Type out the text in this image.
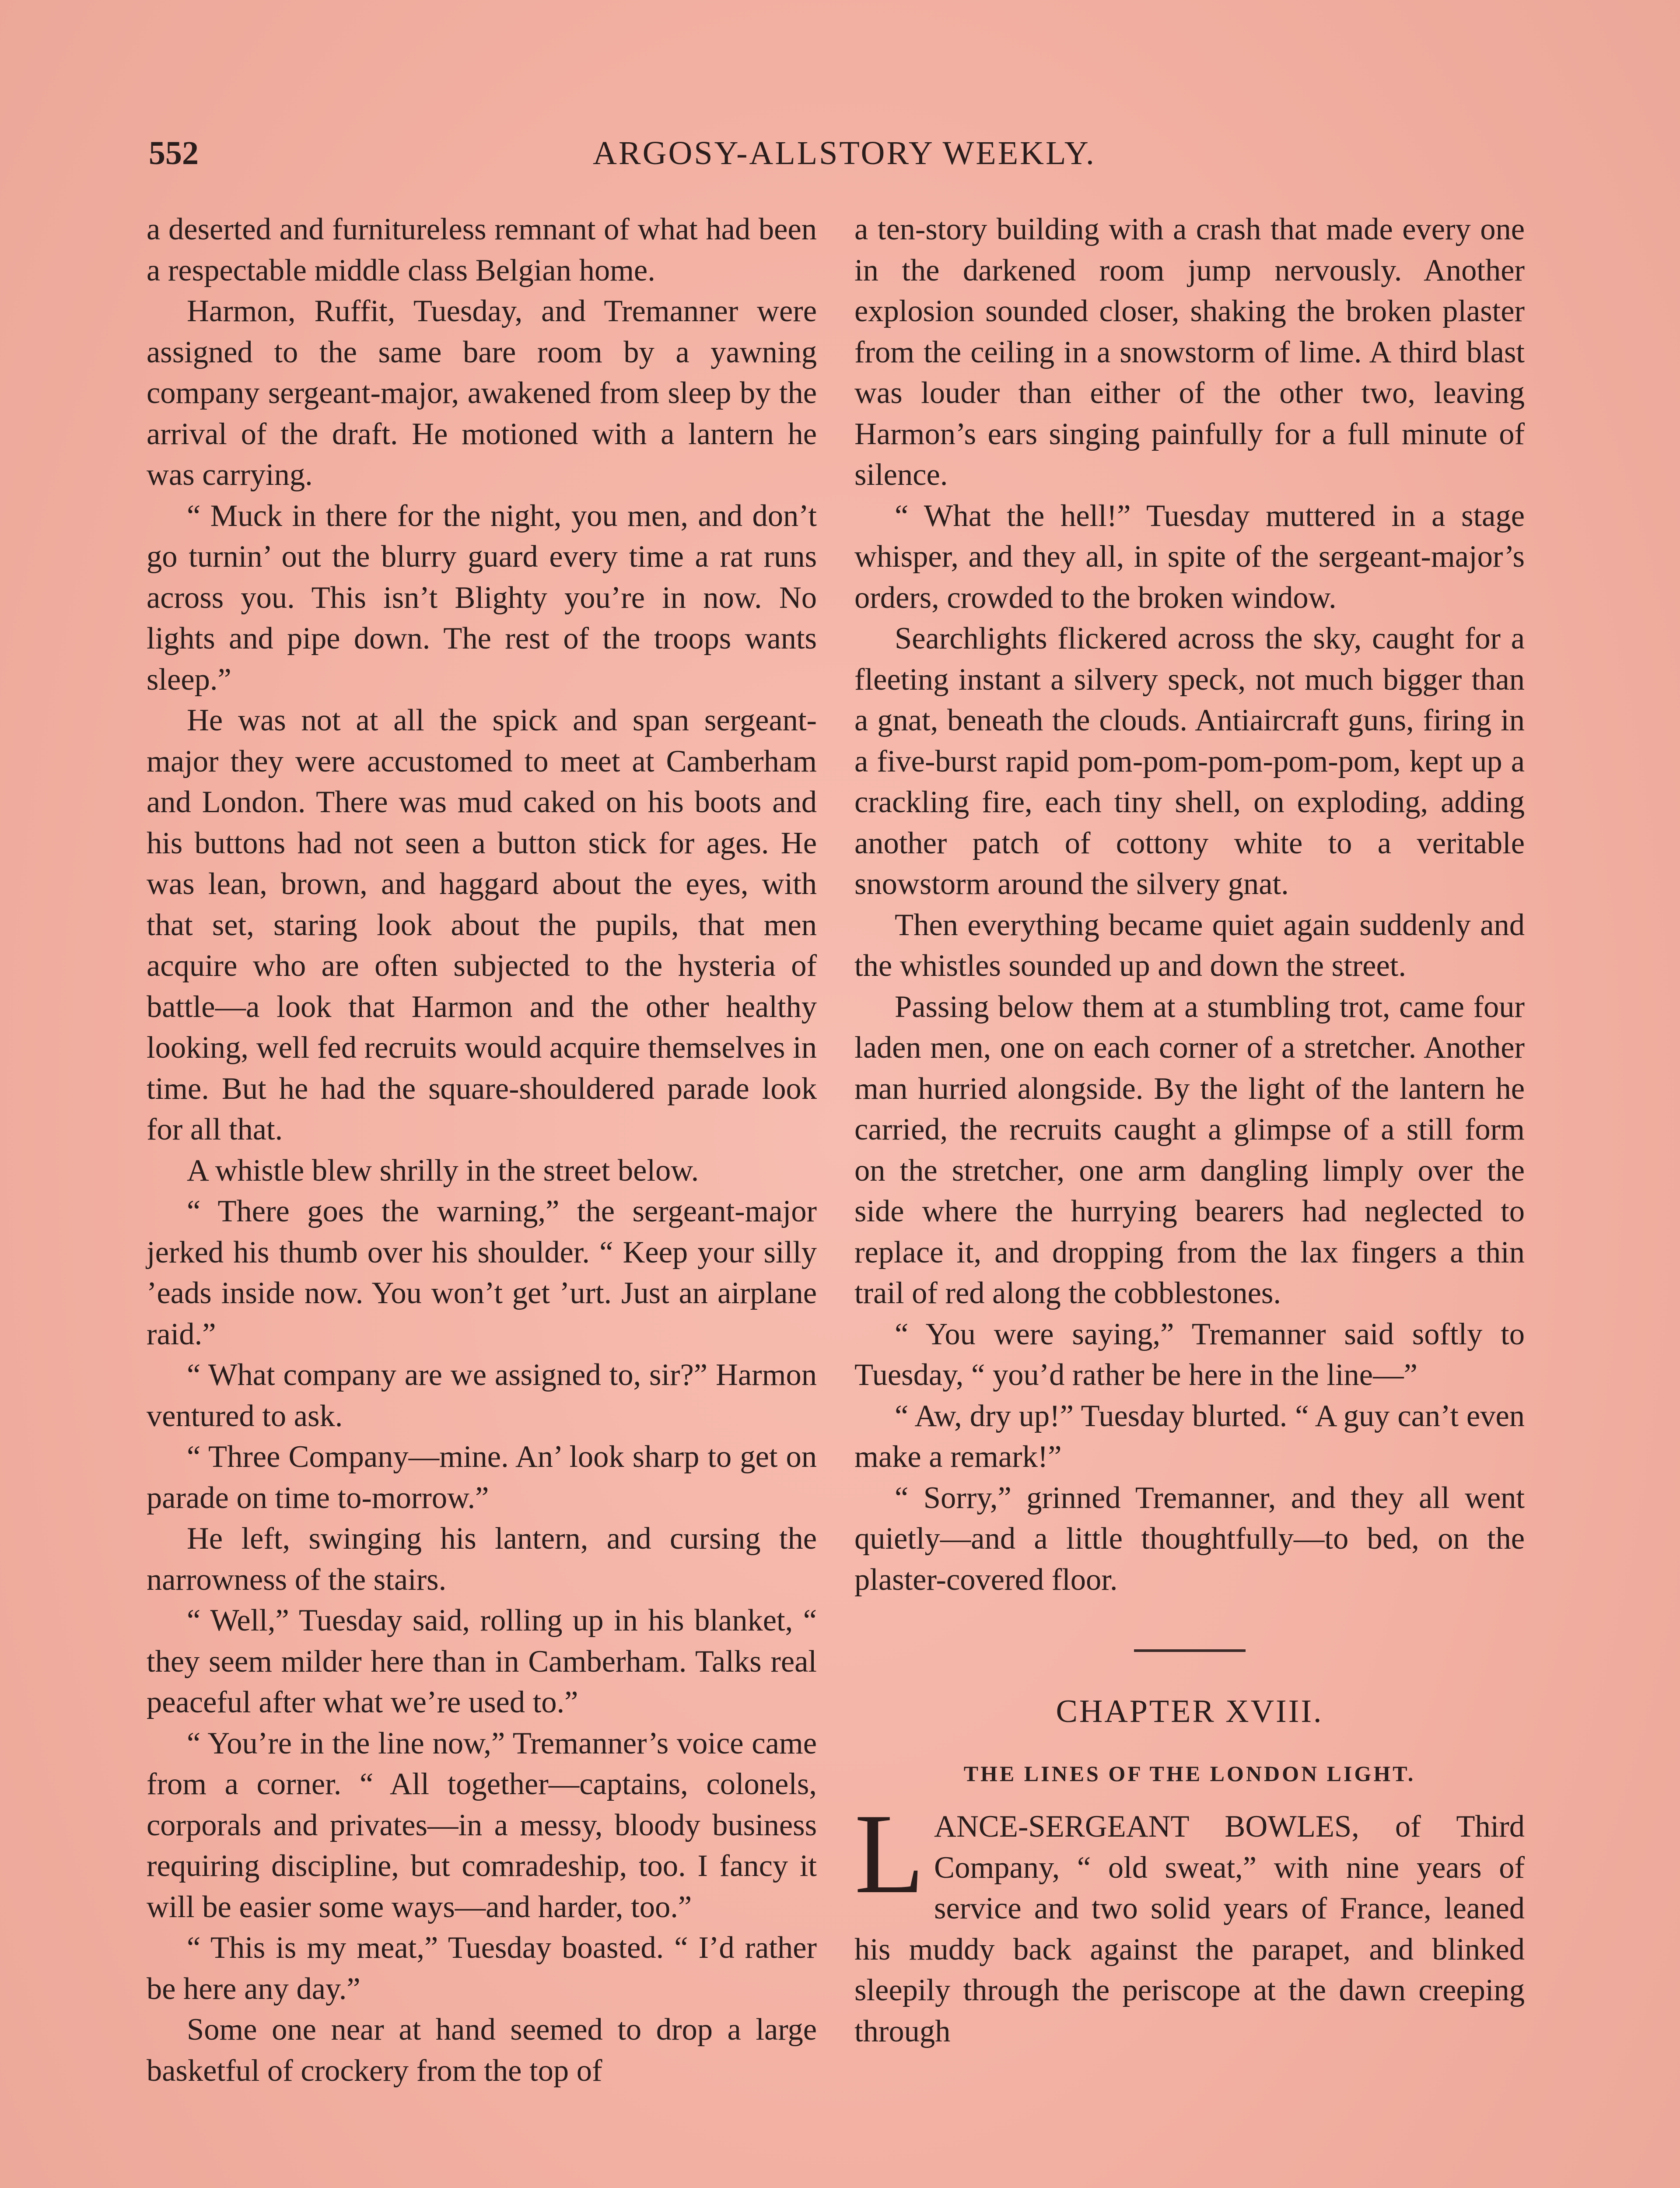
552	ARGOSY-ALLSTORY WEEKLY.

a deserted and furnitureless remnant of what had been a respectable middle class Belgian home.

Harmon, Ruffit, Tuesday, and Tremanner were assigned to the same bare room by a yawning company sergeant-major, awakened from sleep by the arrival of the draft. He motioned with a lantern he was carrying.

“ Muck in there for the night, you men, and don’t go turnin’ out the blurry guard every time a rat runs across you. This isn’t Blighty you’re in now. No lights and pipe down. The rest of the troops wants sleep.”

He was not at all the spick and span sergeant-major they were accustomed to meet at Camberham and London. There was mud caked on his boots and his buttons had not seen a button stick for ages. He was lean, brown, and haggard about the eyes, with that set, staring look about the pupils, that men acquire who are often subjected to the hysteria of battle—a look that Harmon and the other healthy looking, well fed recruits would acquire themselves in time. But he had the square-shouldered parade look for all that.

A whistle blew shrilly in the street below.

“ There goes the warning,” the sergeant-major jerked his thumb over his shoulder. “ Keep your silly ’eads inside now. You won’t get ’urt. Just an airplane raid.”

“ What company are we assigned to, sir?” Harmon ventured to ask.

“ Three Company—mine. An’ look sharp to get on parade on time to-morrow.”

He left, swinging his lantern, and cursing the narrowness of the stairs.

“ Well,” Tuesday said, rolling up in his blanket, “ they seem milder here than in Camberham. Talks real peaceful after what we’re used to.”

“ You’re in the line now,” Tremanner’s voice came from a corner. “ All together—captains, colonels, corporals and privates—in a messy, bloody business requiring discipline, but comradeship, too. I fancy it will be easier some ways—and harder, too.”

“ This is my meat,” Tuesday boasted. “ I’d rather be here any day.”

Some one near at hand seemed to drop a large basketful of crockery from the top of

a ten-story building with a crash that made every one in the darkened room jump nervously. Another explosion sounded closer, shaking the broken plaster from the ceiling in a snowstorm of lime. A third blast was louder than either of the other two, leaving Harmon’s ears singing painfully for a full minute of silence.

“ What the hell!” Tuesday muttered in a stage whisper, and they all, in spite of the sergeant-major’s orders, crowded to the broken window.

Searchlights flickered across the sky, caught for a fleeting instant a silvery speck, not much bigger than a gnat, beneath the clouds. Antiaircraft guns, firing in a five-burst rapid pom-pom-pom-pom-pom, kept up a crackling fire, each tiny shell, on exploding, adding another patch of cottony white to a veritable snowstorm around the silvery gnat.

Then everything became quiet again suddenly and the whistles sounded up and down the street.

Passing below them at a stumbling trot, came four laden men, one on each corner of a stretcher. Another man hurried alongside. By the light of the lantern he carried, the recruits caught a glimpse of a still form on the stretcher, one arm dangling limply over the side where the hurrying bearers had neglected to replace it, and dropping from the lax fingers a thin trail of red along the cobblestones.

“ You were saying,” Tremanner said softly to Tuesday, “ you’d rather be here in the line—”

“ Aw, dry up!” Tuesday blurted. “ A guy can’t even make a remark!”

“ Sorry,” grinned Tremanner, and they all went quietly—and a little thoughtfully—to bed, on the plaster-covered floor.

CHAPTER XVIII.
THE LINES OF THE LONDON LIGHT.

LANCE-SERGEANT BOWLES, of Third Company, “ old sweat,” with nine years of service and two solid years of France, leaned his muddy back against the parapet, and blinked sleepily through the periscope at the dawn creeping through
